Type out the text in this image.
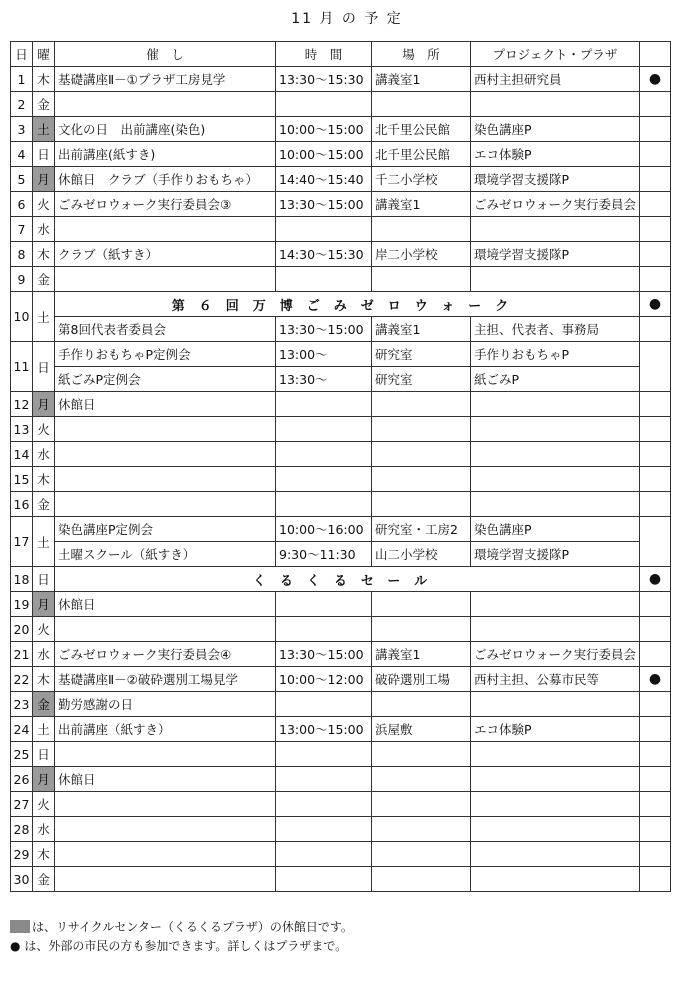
11 月 の 予 定
日	曜	催　し	時　間	場　所	プロジェクト・プラザ	
1	木	基礎講座Ⅱ－①プラザ工房見学	13:30～15:30	講義室1	西村主担研究員	●
2	金					
3	土	文化の日　出前講座(染色)	10:00～15:00	北千里公民館	染色講座P	
4	日	出前講座(紙すき)	10:00～15:00	北千里公民館	エコ体験P	
5	月	休館日　クラブ（手作りおもちゃ）	14:40～15:40	千二小学校	環境学習支援隊P	
6	火	ごみゼロウォーク実行委員会③	13:30～15:00	講義室1	ごみゼロウォーク実行委員会	
7	水					
8	木	クラブ（紙すき）	14:30～15:30	岸二小学校	環境学習支援隊P	
9	金					
10	土	第６回万博ごみゼロウォーク				●
		第8回代表者委員会	13:30～15:00	講義室1	主担、代表者、事務局	
11	日	手作りおもちゃP定例会	13:00～	研究室	手作りおもちゃP	
		紙ごみP定例会	13:30～	研究室	紙ごみP	
12	月	休館日				
13	火					
14	水					
15	木					
16	金					
17	土	染色講座P定例会	10:00～16:00	研究室・工房2	染色講座P	
		土曜スクール（紙すき）	9:30～11:30	山二小学校	環境学習支援隊P	
18	日	くるくるセール				●
19	月	休館日				
20	火					
21	水	ごみゼロウォーク実行委員会④	13:30～15:00	講義室1	ごみゼロウォーク実行委員会	
22	木	基礎講座Ⅱ－②破砕選別工場見学	10:00～12:00	破砕選別工場	西村主担、公募市民等	●
23	金	勤労感謝の日				
24	土	出前講座（紙すき）	13:00～15:00	浜屋敷	エコ体験P	
25	日					
26	月	休館日				
27	火					
28	水					
29	木					
30	金					
は、リサイクルセンター（くるくるプラザ）の休館日です。
● は、外部の市民の方も参加できます。詳しくはプラザまで。
